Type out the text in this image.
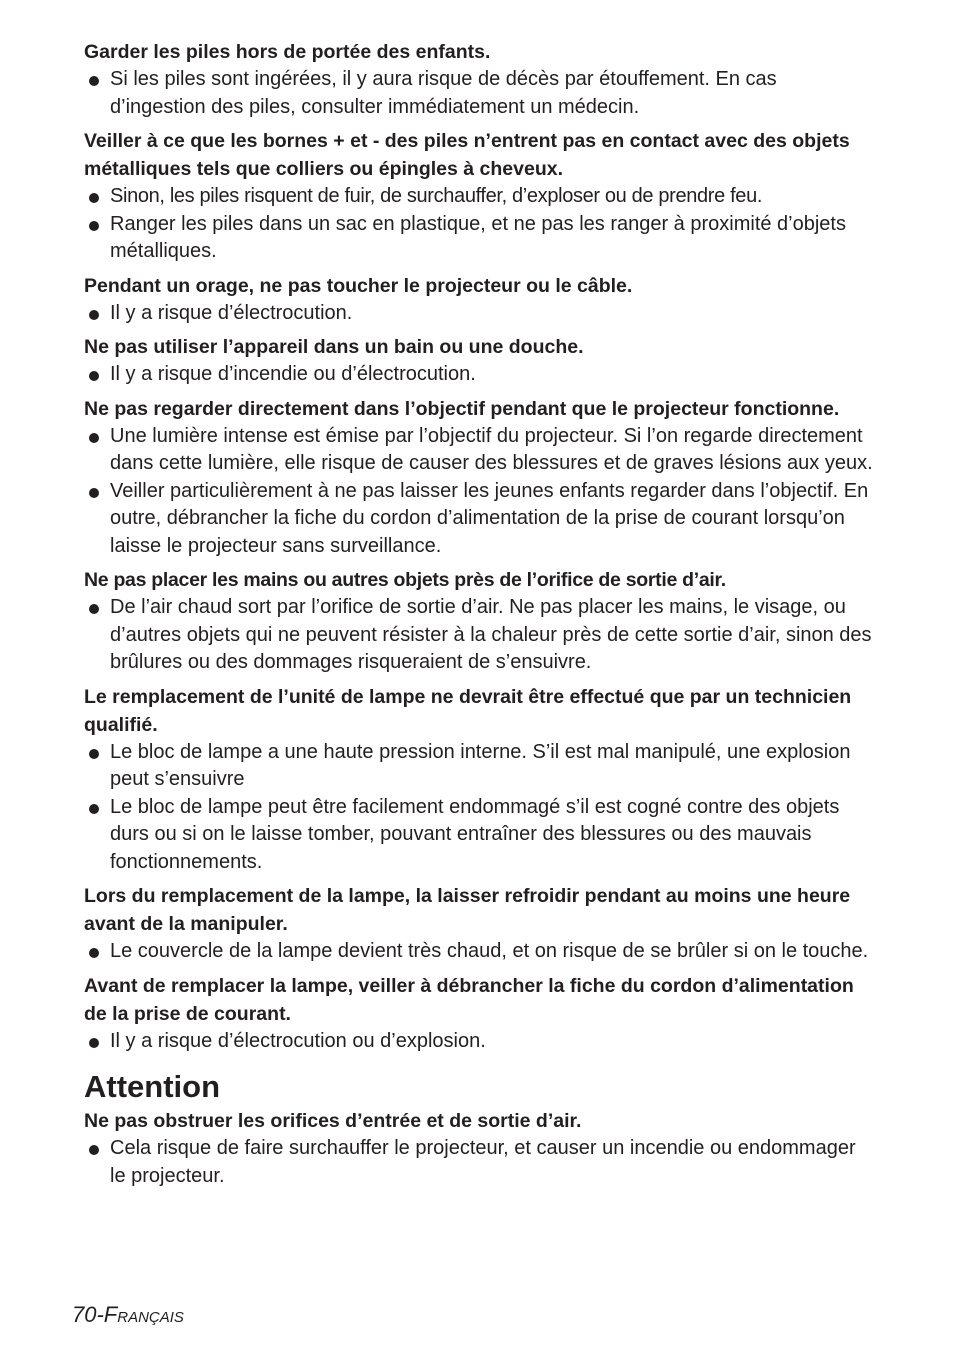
Garder les piles hors de portée des enfants.

Si les piles sont ingérées, il y aura risque de décès par étouffement. En cas d’ingestion des piles, consulter immédiatement un médecin.

Veiller à ce que les bornes + et - des piles n’entrent pas en contact avec des objets métalliques tels que colliers ou épingles à cheveux.

Sinon, les piles risquent de fuir, de surchauffer, d’exploser ou de prendre feu.
Ranger les piles dans un sac en plastique, et ne pas les ranger à proximité d’objets métalliques.

Pendant un orage, ne pas toucher le projecteur ou le câble.

Il y a risque d’électrocution.

Ne pas utiliser l’appareil dans un bain ou une douche.

Il y a risque d’incendie ou d’électrocution.

Ne pas regarder directement dans l’objectif pendant que le projecteur fonctionne.

Une lumière intense est émise par l’objectif du projecteur. Si l’on regarde directement dans cette lumière, elle risque de causer des blessures et de graves lésions aux yeux.
Veiller particulièrement à ne pas laisser les jeunes enfants regarder dans l’objectif. En outre, débrancher la fiche du cordon d’alimentation de la prise de courant lorsqu’on laisse le projecteur sans surveillance.

Ne pas placer les mains ou autres objets près de l’orifice de sortie d’air.

De l’air chaud sort par l’orifice de sortie d’air. Ne pas placer les mains, le visage, ou d’autres objets qui ne peuvent résister à la chaleur près de cette sortie d’air, sinon des brûlures ou des dommages risqueraient de s’ensuivre.

Le remplacement de l’unité de lampe ne devrait être effectué que par un technicien qualifié.

Le bloc de lampe a une haute pression interne. S’il est mal manipulé, une explosion peut s’ensuivre
Le bloc de lampe peut être facilement endommagé s’il est cogné contre des objets durs ou si on le laisse tomber, pouvant entraîner des blessures ou des mauvais fonctionnements.

Lors du remplacement de la lampe, la laisser refroidir pendant au moins une heure avant de la manipuler.

Le couvercle de la lampe devient très chaud, et on risque de se brûler si on le touche.

Avant de remplacer la lampe, veiller à débrancher la fiche du cordon d’alimentation de la prise de courant.

Il y a risque d’électrocution ou d’explosion.
Attention

Ne pas obstruer les orifices d’entrée et de sortie d’air.

Cela risque de faire surchauffer le projecteur, et causer un incendie ou endommager le projecteur.
70-Français
